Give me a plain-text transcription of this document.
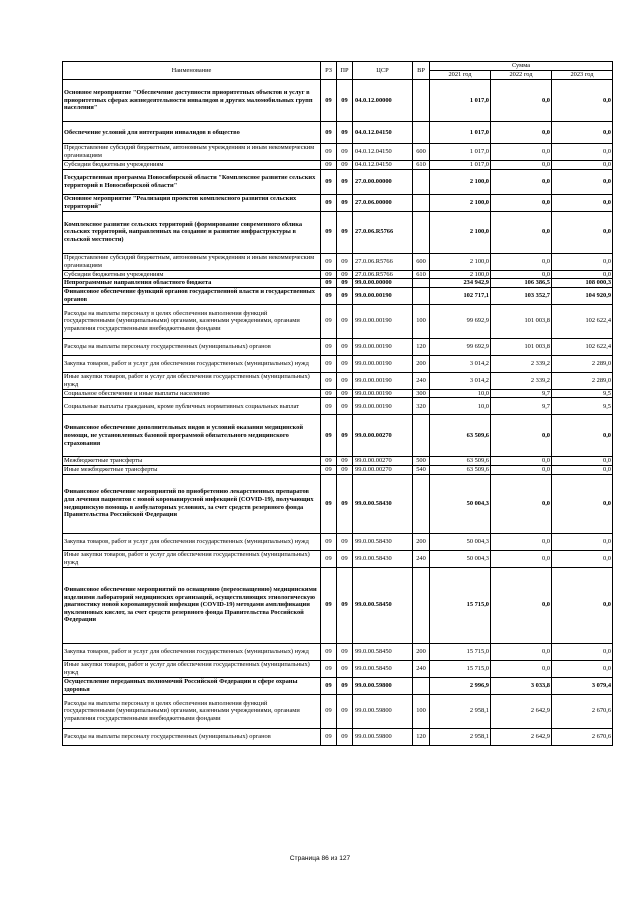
Наименование	РЗ	ПР	ЦСР	ВР	Сумма		
					2021 год	2022 год	2023 год
Основное мероприятие "Обеспечение доступности приоритетных объектов и услуг в приоритетных сферах жизнедеятельности инвалидов и других маломобильных групп населения"	09	09	04.0.12.00000		1 017,0	0,0	0,0
Обеспечение условий для интеграции инвалидов в общество	09	09	04.0.12.04150		1 017,0	0,0	0,0
Предоставление субсидий бюджетным, автономным учреждениям и иным некоммерческим организациям	09	09	04.0.12.04150	600	1 017,0	0,0	0,0
Субсидии бюджетным учреждениям	09	09	04.0.12.04150	610	1 017,0	0,0	0,0
Государственная программа Новосибирской области "Комплексное развитие сельских территорий в Новосибирской области"	09	09	27.0.00.00000		2 100,0	0,0	0,0
Основное мероприятие "Реализация проектов комплексного развития сельских территорий"	09	09	27.0.06.00000		2 100,0	0,0	0,0
Комплексное развитие сельских территорий (формирование современного облика сельских территорий, направленных на создание и развитие инфраструктуры в сельской местности)	09	09	27.0.06.R5766		2 100,0	0,0	0,0
Предоставление субсидий бюджетным, автономным учреждениям и иным некоммерческим организациям	09	09	27.0.06.R5766	600	2 100,0	0,0	0,0
Субсидии бюджетным учреждениям	09	09	27.0.06.R5766	610	2 100,0	0,0	0,0
Непрограммные направления областного бюджета	09	09	99.0.00.00000		234 942,9	106 386,5	108 000,3
Финансовое обеспечение функций органов государственной власти и государственных органов	09	09	99.0.00.00190		102 717,1	103 352,7	104 920,9
Расходы на выплаты персоналу в целях обеспечения выполнения функций государственными (муниципальными) органами, казенными учреждениями, органами управления государственными внебюджетными фондами	09	09	99.0.00.00190	100	99 692,9	101 003,8	102 622,4
Расходы на выплаты персоналу государственных (муниципальных) органов	09	09	99.0.00.00190	120	99 692,9	101 003,8	102 622,4
Закупка товаров, работ и услуг для обеспечения государственных (муниципальных) нужд	09	09	99.0.00.00190	200	3 014,2	2 339,2	2 289,0
Иные закупки товаров, работ и услуг для обеспечения государственных (муниципальных) нужд	09	09	99.0.00.00190	240	3 014,2	2 339,2	2 289,0
Социальное обеспечение и иные выплаты населению	09	09	99.0.00.00190	300	10,0	9,7	9,5
Социальные выплаты гражданам, кроме публичных нормативных социальных выплат	09	09	99.0.00.00190	320	10,0	9,7	9,5
Финансовое обеспечение дополнительных видов и условий оказания медицинской помощи, не установленных базовой программой обязательного медицинского страхования	09	09	99.0.00.00270		63 509,6	0,0	0,0
Межбюджетные трансферты	09	09	99.0.00.00270	500	63 509,6	0,0	0,0
Иные межбюджетные трансферты	09	09	99.0.00.00270	540	63 509,6	0,0	0,0
Финансовое обеспечение мероприятий по приобретению лекарственных препаратов для лечения пациентов с новой коронавирусной инфекцией (COVID-19), получающих медицинскую помощь в амбулаторных условиях, за счет средств резервного фонда Правительства Российской Федерации	09	09	99.0.00.58430		50 004,3	0,0	0,0
Закупка товаров, работ и услуг для обеспечения государственных (муниципальных) нужд	09	09	99.0.00.58430	200	50 004,3	0,0	0,0
Иные закупки товаров, работ и услуг для обеспечения государственных (муниципальных) нужд	09	09	99.0.00.58430	240	50 004,3	0,0	0,0
Финансовое обеспечение мероприятий по оснащению (переоснащению) медицинскими изделиями лабораторий медицинских организаций, осуществляющих этиологическую диагностику новой коронавирусной инфекции (COVID-19) методами амплификации нуклеиновых кислот, за счет средств резервного фонда Правительства Российской Федерации	09	09	99.0.00.58450		15 715,0	0,0	0,0
Закупка товаров, работ и услуг для обеспечения государственных (муниципальных) нужд	09	09	99.0.00.58450	200	15 715,0	0,0	0,0
Иные закупки товаров, работ и услуг для обеспечения государственных (муниципальных) нужд	09	09	99.0.00.58450	240	15 715,0	0,0	0,0
Осуществление переданных полномочий Российской Федерации в сфере охраны здоровья	09	09	99.0.00.59800		2 996,9	3 033,8	3 079,4
Расходы на выплаты персоналу в целях обеспечения выполнения функций государственными (муниципальными) органами, казенными учреждениями, органами управления государственными внебюджетными фондами	09	09	99.0.00.59800	100	2 958,1	2 642,9	2 670,6
Расходы на выплаты персоналу государственных (муниципальных) органов	09	09	99.0.00.59800	120	2 958,1	2 642,9	2 670,6
Страница 86 из 127
